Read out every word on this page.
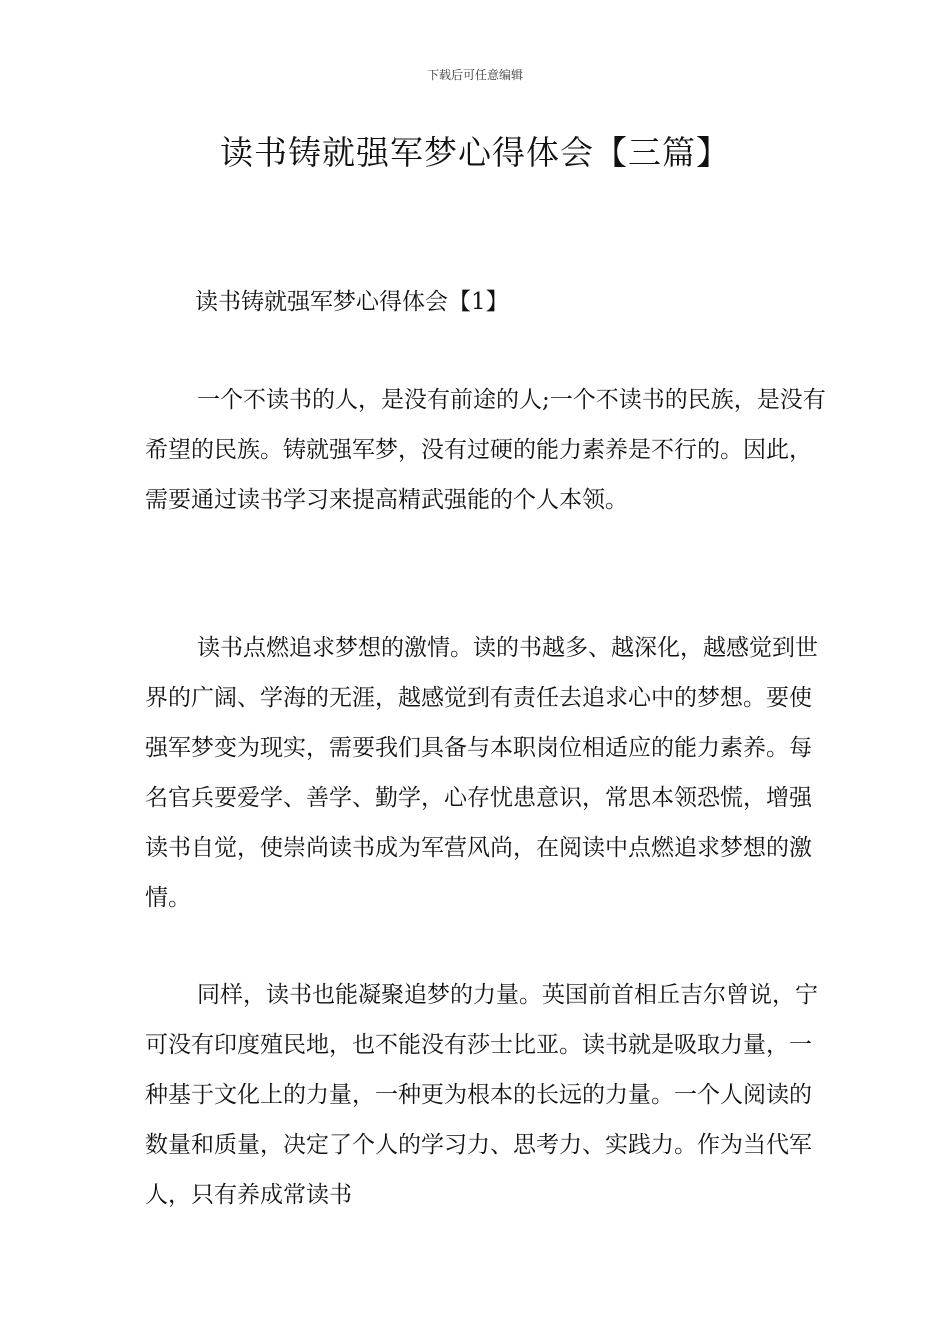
下载后可任意编辑
读书铸就强军梦心得体会【三篇】
读书铸就强军梦心得体会【1】

一个不读书的人，是没有前途的人;一个不读书的民族，是没有希望的民族。铸就强军梦，没有过硬的能力素养是不行的。因此，需要通过读书学习来提高精武强能的个人本领。

读书点燃追求梦想的激情。读的书越多、越深化，越感觉到世界的广阔、学海的无涯，越感觉到有责任去追求心中的梦想。要使强军梦变为现实，需要我们具备与本职岗位相适应的能力素养。每名官兵要爱学、善学、勤学，心存忧患意识，常思本领恐慌，增强读书自觉，使崇尚读书成为军营风尚，在阅读中点燃追求梦想的激情。

同样，读书也能凝聚追梦的力量。英国前首相丘吉尔曾说，宁可没有印度殖民地，也不能没有莎士比亚。读书就是吸取力量，一种基于文化上的力量，一种更为根本的长远的力量。一个人阅读的数量和质量，决定了个人的学习力、思考力、实践力。作为当代军人，只有养成常读书
